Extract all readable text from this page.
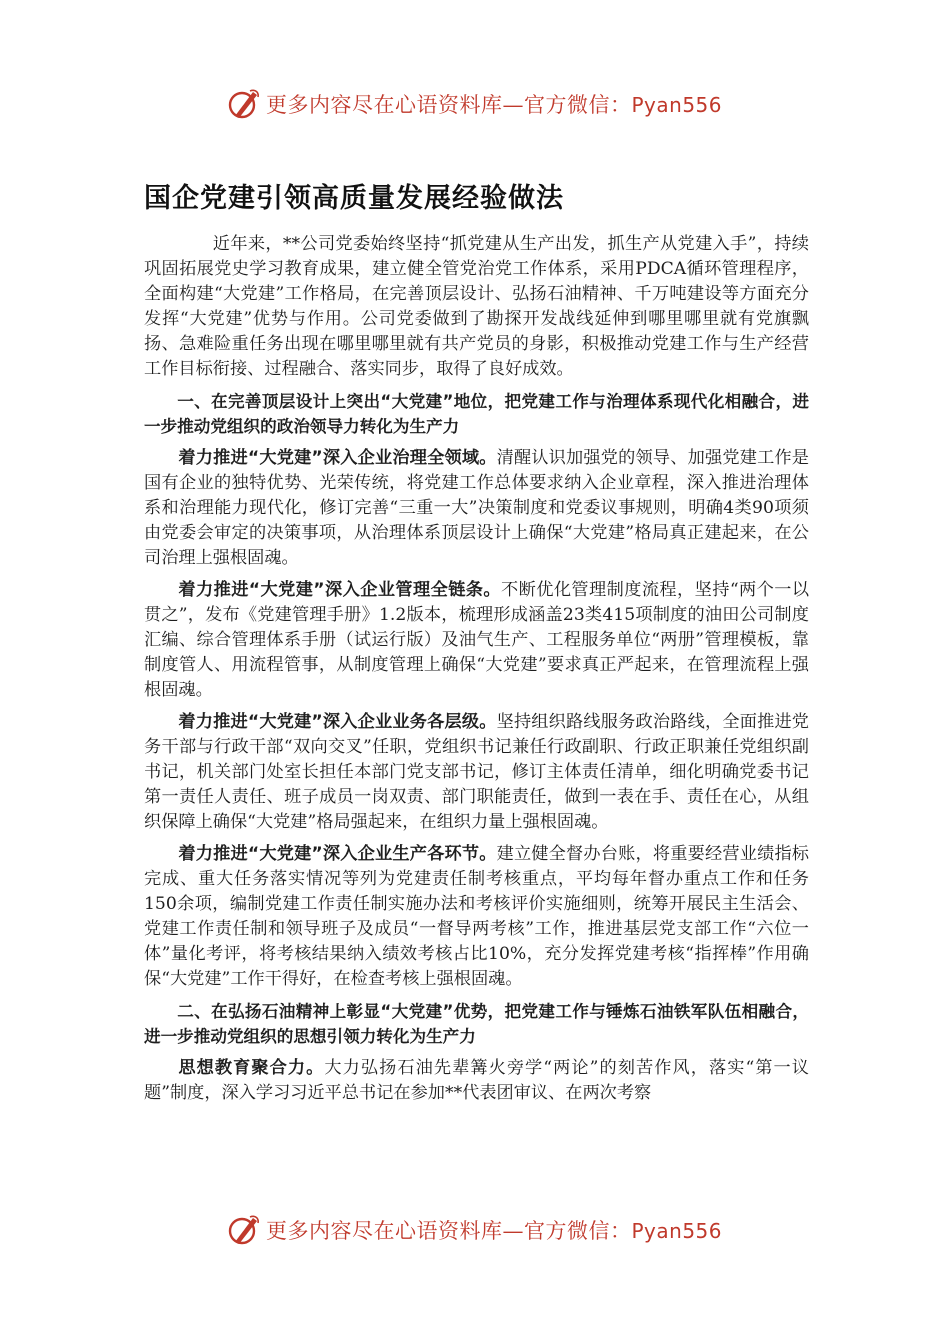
更多内容尽在心语资料库—官方微信：Pyan556
国企党建引领高质量发展经验做法

近年来，**公司党委始终坚持“抓党建从生产出发，抓生产从党建入手”，持续巩固拓展党史学习教育成果，建立健全管党治党工作体系，采用PDCA循环管理程序，全面构建“大党建”工作格局，在完善顶层设计、弘扬石油精神、千万吨建设等方面充分发挥“大党建”优势与作用。公司党委做到了勘探开发战线延伸到哪里哪里就有党旗飘扬、急难险重任务出现在哪里哪里就有共产党员的身影，积极推动党建工作与生产经营工作目标衔接、过程融合、落实同步，取得了良好成效。

一、在完善顶层设计上突出“大党建”地位，把党建工作与治理体系现代化相融合，进一步推动党组织的政治领导力转化为生产力

着力推进“大党建”深入企业治理全领域。清醒认识加强党的领导、加强党建工作是国有企业的独特优势、光荣传统，将党建工作总体要求纳入企业章程，深入推进治理体系和治理能力现代化，修订完善“三重一大”决策制度和党委议事规则，明确4类90项须由党委会审定的决策事项，从治理体系顶层设计上确保“大党建”格局真正建起来，在公司治理上强根固魂。

着力推进“大党建”深入企业管理全链条。不断优化管理制度流程，坚持“两个一以贯之”，发布《党建管理手册》1.2版本，梳理形成涵盖23类415项制度的油田公司制度汇编、综合管理体系手册（试运行版）及油气生产、工程服务单位“两册”管理模板，靠制度管人、用流程管事，从制度管理上确保“大党建”要求真正严起来，在管理流程上强根固魂。

着力推进“大党建”深入企业业务各层级。坚持组织路线服务政治路线，全面推进党务干部与行政干部“双向交叉”任职，党组织书记兼任行政副职、行政正职兼任党组织副书记，机关部门处室长担任本部门党支部书记，修订主体责任清单，细化明确党委书记第一责任人责任、班子成员一岗双责、部门职能责任，做到一表在手、责任在心，从组织保障上确保“大党建”格局强起来，在组织力量上强根固魂。

着力推进“大党建”深入企业生产各环节。建立健全督办台账，将重要经营业绩指标完成、重大任务落实情况等列为党建责任制考核重点，平均每年督办重点工作和任务150余项，编制党建工作责任制实施办法和考核评价实施细则，统筹开展民主生活会、党建工作责任制和领导班子及成员“一督导两考核”工作，推进基层党支部工作“六位一体”量化考评，将考核结果纳入绩效考核占比10%，充分发挥党建考核“指挥棒”作用确保“大党建”工作干得好，在检查考核上强根固魂。

二、在弘扬石油精神上彰显“大党建”优势，把党建工作与锤炼石油铁军队伍相融合，进一步推动党组织的思想引领力转化为生产力

思想教育聚合力。大力弘扬石油先辈篝火旁学“两论”的刻苦作风，落实“第一议题”制度，深入学习习近平总书记在参加**代表团审议、在两次考察

更多内容尽在心语资料库—官方微信：Pyan556
